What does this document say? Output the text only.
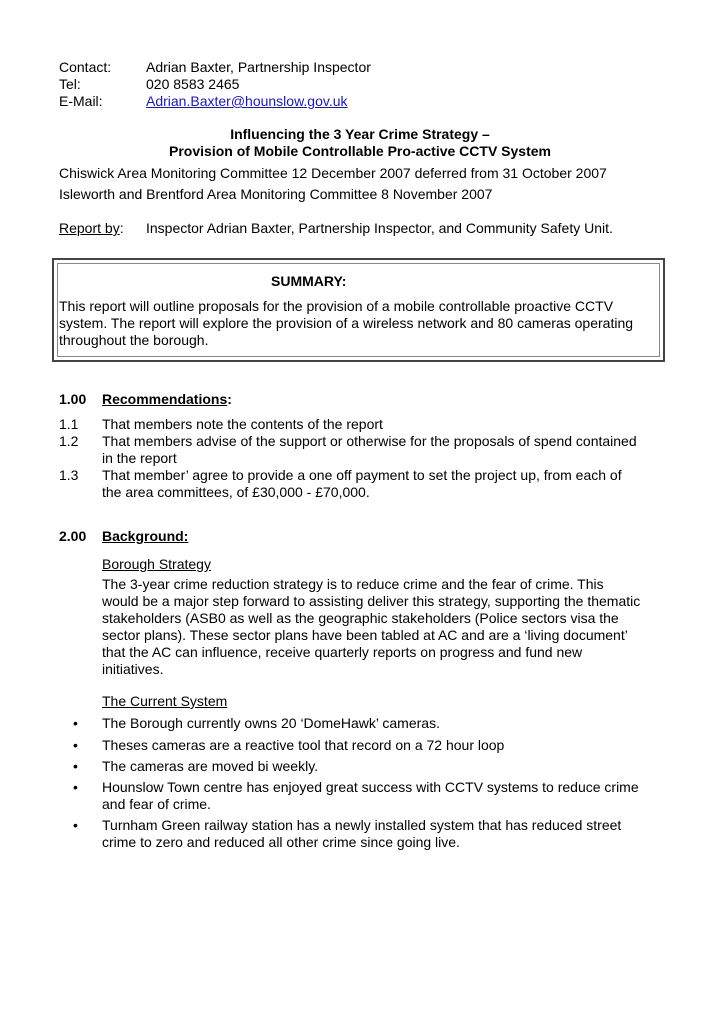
Contact: Adrian Baxter, Partnership Inspector
Tel:	020 8583 2465
E-Mail:	Adrian.Baxter@hounslow.gov.uk
Influencing the 3 Year Crime Strategy –
Provision of Mobile Controllable Pro-active CCTV System
Chiswick Area Monitoring Committee 12 December 2007 deferred from 31 October 2007
Isleworth and Brentford Area Monitoring Committee 8 November 2007
Report by: Inspector Adrian Baxter, Partnership Inspector, and Community Safety Unit.
SUMMARY:
This report will outline proposals for the provision of a mobile controllable proactive CCTV
system. The report will explore the provision of a wireless network and 80 cameras operating
throughout the borough.
1.00 Recommendations:
1.1 That members note the contents of the report
1.2 That members advise of the support or otherwise for the proposals of spend contained
in the report
1.3 That member’ agree to provide a one off payment to set the project up, from each of
the area committees, of £30,000 - £70,000.
2.00 Background:
Borough Strategy
The 3-year crime reduction strategy is to reduce crime and the fear of crime. This
would be a major step forward to assisting deliver this strategy, supporting the thematic
stakeholders (ASB0 as well as the geographic stakeholders (Police sectors visa the
sector plans). These sector plans have been tabled at AC and are a ‘living document’
that the AC can influence, receive quarterly reports on progress and fund new
initiatives.
The Current System
• The Borough currently owns 20 ‘DomeHawk’ cameras.
• Theses cameras are a reactive tool that record on a 72 hour loop
• The cameras are moved bi weekly.
• Hounslow Town centre has enjoyed great success with CCTV systems to reduce crime
and fear of crime.
• Turnham Green railway station has a newly installed system that has reduced street
crime to zero and reduced all other crime since going live.
